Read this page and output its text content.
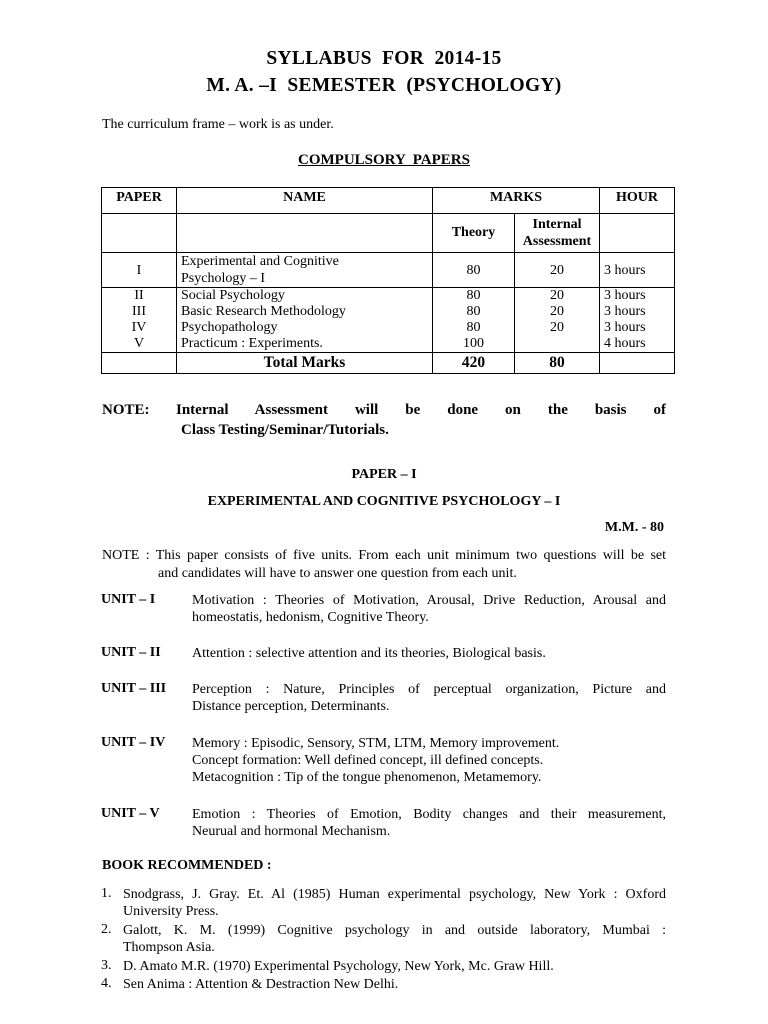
SYLLABUS  FOR  2014-15
M. A. –I  SEMESTER  (PSYCHOLOGY)
The curriculum frame – work is as under.
COMPULSORY  PAPERS
PAPER	NAME	MARKS		HOUR
		Theory	Internal
Assessment	
I	Experimental and Cognitive
Psychology – I	80	20	3 hours
II	Social Psychology	80	20	3 hours
III	Basic Research Methodology	80	20	3 hours
IV	Psychopathology	80	20	3 hours
V	Practicum : Experiments.	100		4 hours
	Total Marks	420	80	
NOTE: Internal Assessment will be done on the basis of
Class Testing/Seminar/Tutorials.
PAPER – I
EXPERIMENTAL AND COGNITIVE PSYCHOLOGY – I
M.M. - 80
NOTE : This paper consists of five units. From each unit minimum two questions will be set
and candidates will have to answer one question from each unit.
UNIT – I	Motivation : Theories of Motivation, Arousal, Drive Reduction, Arousal and
homeostatis, hedonism, Cognitive Theory.
UNIT – II Attention : selective attention and its theories, Biological basis.
UNIT – III Perception : Nature, Principles of perceptual organization, Picture and
Distance perception, Determinants.
UNIT – IV Memory : Episodic, Sensory, STM, LTM, Memory improvement.
Concept formation: Well defined concept, ill defined concepts.
Metacognition : Tip of the tongue phenomenon, Metamemory.
UNIT – V Emotion : Theories of Emotion, Bodity changes and their measurement,
Neurual and hormonal Mechanism.
BOOK RECOMMENDED :
1. Snodgrass, J. Gray. Et. Al (1985) Human experimental psychology, New York : Oxford
University Press.
2. Galott, K. M. (1999) Cognitive psychology in and outside laboratory, Mumbai :
Thompson Asia.
3. D. Amato M.R. (1970) Experimental Psychology, New York, Mc. Graw Hill.
4. Sen Anima : Attention & Destraction New Delhi.
